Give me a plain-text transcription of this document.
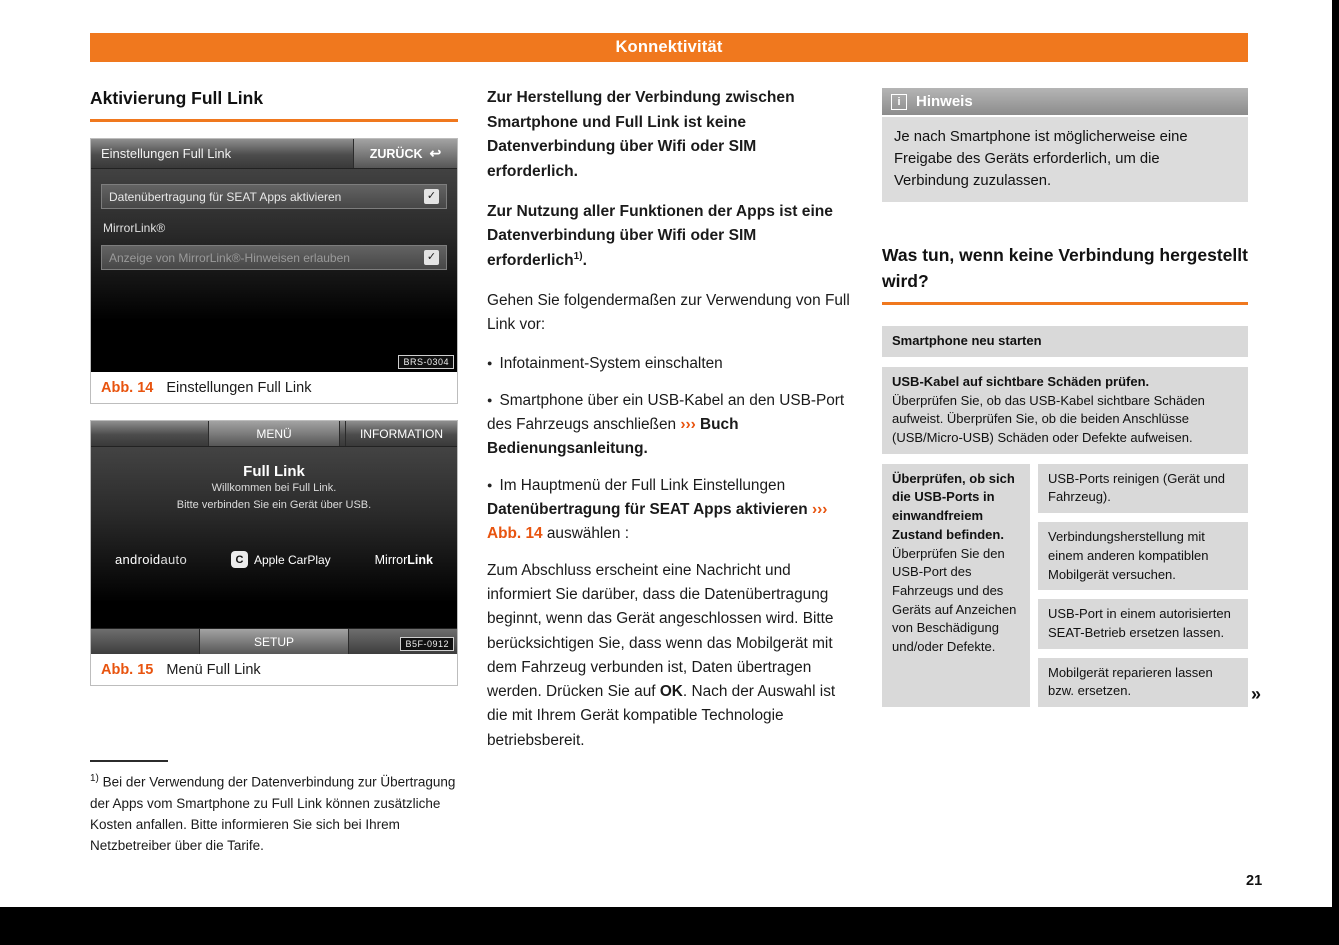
Konnektivität
Aktivierung Full Link
Einstellungen Full Link	ZURÜCK ↩
Datenübertragung für SEAT Apps aktivieren	✓
MirrorLink®
Anzeige von MirrorLink®-Hinweisen erlauben	✓
BRS-0304
Abb. 14 Einstellungen Full Link
MENÜ	INFORMATION
Full Link
Willkommen bei Full Link.
Bitte verbinden Sie ein Gerät über USB.
androidauto	C Apple CarPlay	MirrorLink
SETUP	B5F-0912
Abb. 15 Menü Full Link

$^{1)}$ Bei der Verwendung der Datenverbindung zur Übertragung der Apps vom Smartphone zu Full Link können zusätzliche Kosten anfallen. Bitte informieren Sie sich bei Ihrem Netzbetreiber über die Tarife.

Zur Herstellung der Verbindung zwischen Smartphone und Full Link ist keine Datenverbindung über Wifi oder SIM erforderlich.

Zur Nutzung aller Funktionen der Apps ist eine Datenverbindung über Wifi oder SIM erforderlich$^{1)}$.

Gehen Sie folgendermaßen zur Verwendung von Full Link vor:

● Infotainment-System einschalten
● Smartphone über ein USB-Kabel an den USB-Port des Fahrzeugs anschließen ››› Buch Bedienungsanleitung.
● Im Hauptmenü der Full Link Einstellungen Datenübertragung für SEAT Apps aktivieren ››› Abb. 14 auswählen :

Zum Abschluss erscheint eine Nachricht und informiert Sie darüber, dass die Datenübertragung beginnt, wenn das Gerät angeschlossen wird. Bitte berücksichtigen Sie, dass wenn das Mobilgerät mit dem Fahrzeug verbunden ist, Daten übertragen werden. Drücken Sie auf OK. Nach der Auswahl ist die mit Ihrem Gerät kompatible Technologie betriebsbereit.

i	Hinweis
Je nach Smartphone ist möglicherweise eine Freigabe des Geräts erforderlich, um die Verbindung zuzulassen.
Was tun, wenn keine Verbindung hergestellt wird?
Smartphone neu starten
USB-Kabel auf sichtbare Schäden prüfen.
Überprüfen Sie, ob das USB-Kabel sichtbare Schäden aufweist. Überprüfen Sie, ob die beiden Anschlüsse (USB/Micro-USB) Schäden oder Defekte aufweisen.
Überprüfen, ob sich die USB-Ports in einwandfreiem Zustand befinden.
Überprüfen Sie den USB-Port des Fahrzeugs und des Geräts auf Anzeichen von Beschädigung und/oder Defekte.
USB-Ports reinigen (Gerät und Fahrzeug).
Verbindungsherstellung mit einem anderen kompatiblen Mobilgerät versuchen.
USB-Port in einem autorisierten SEAT-Betrieb ersetzen lassen.
Mobilgerät reparieren lassen bzw. ersetzen.	»
21
